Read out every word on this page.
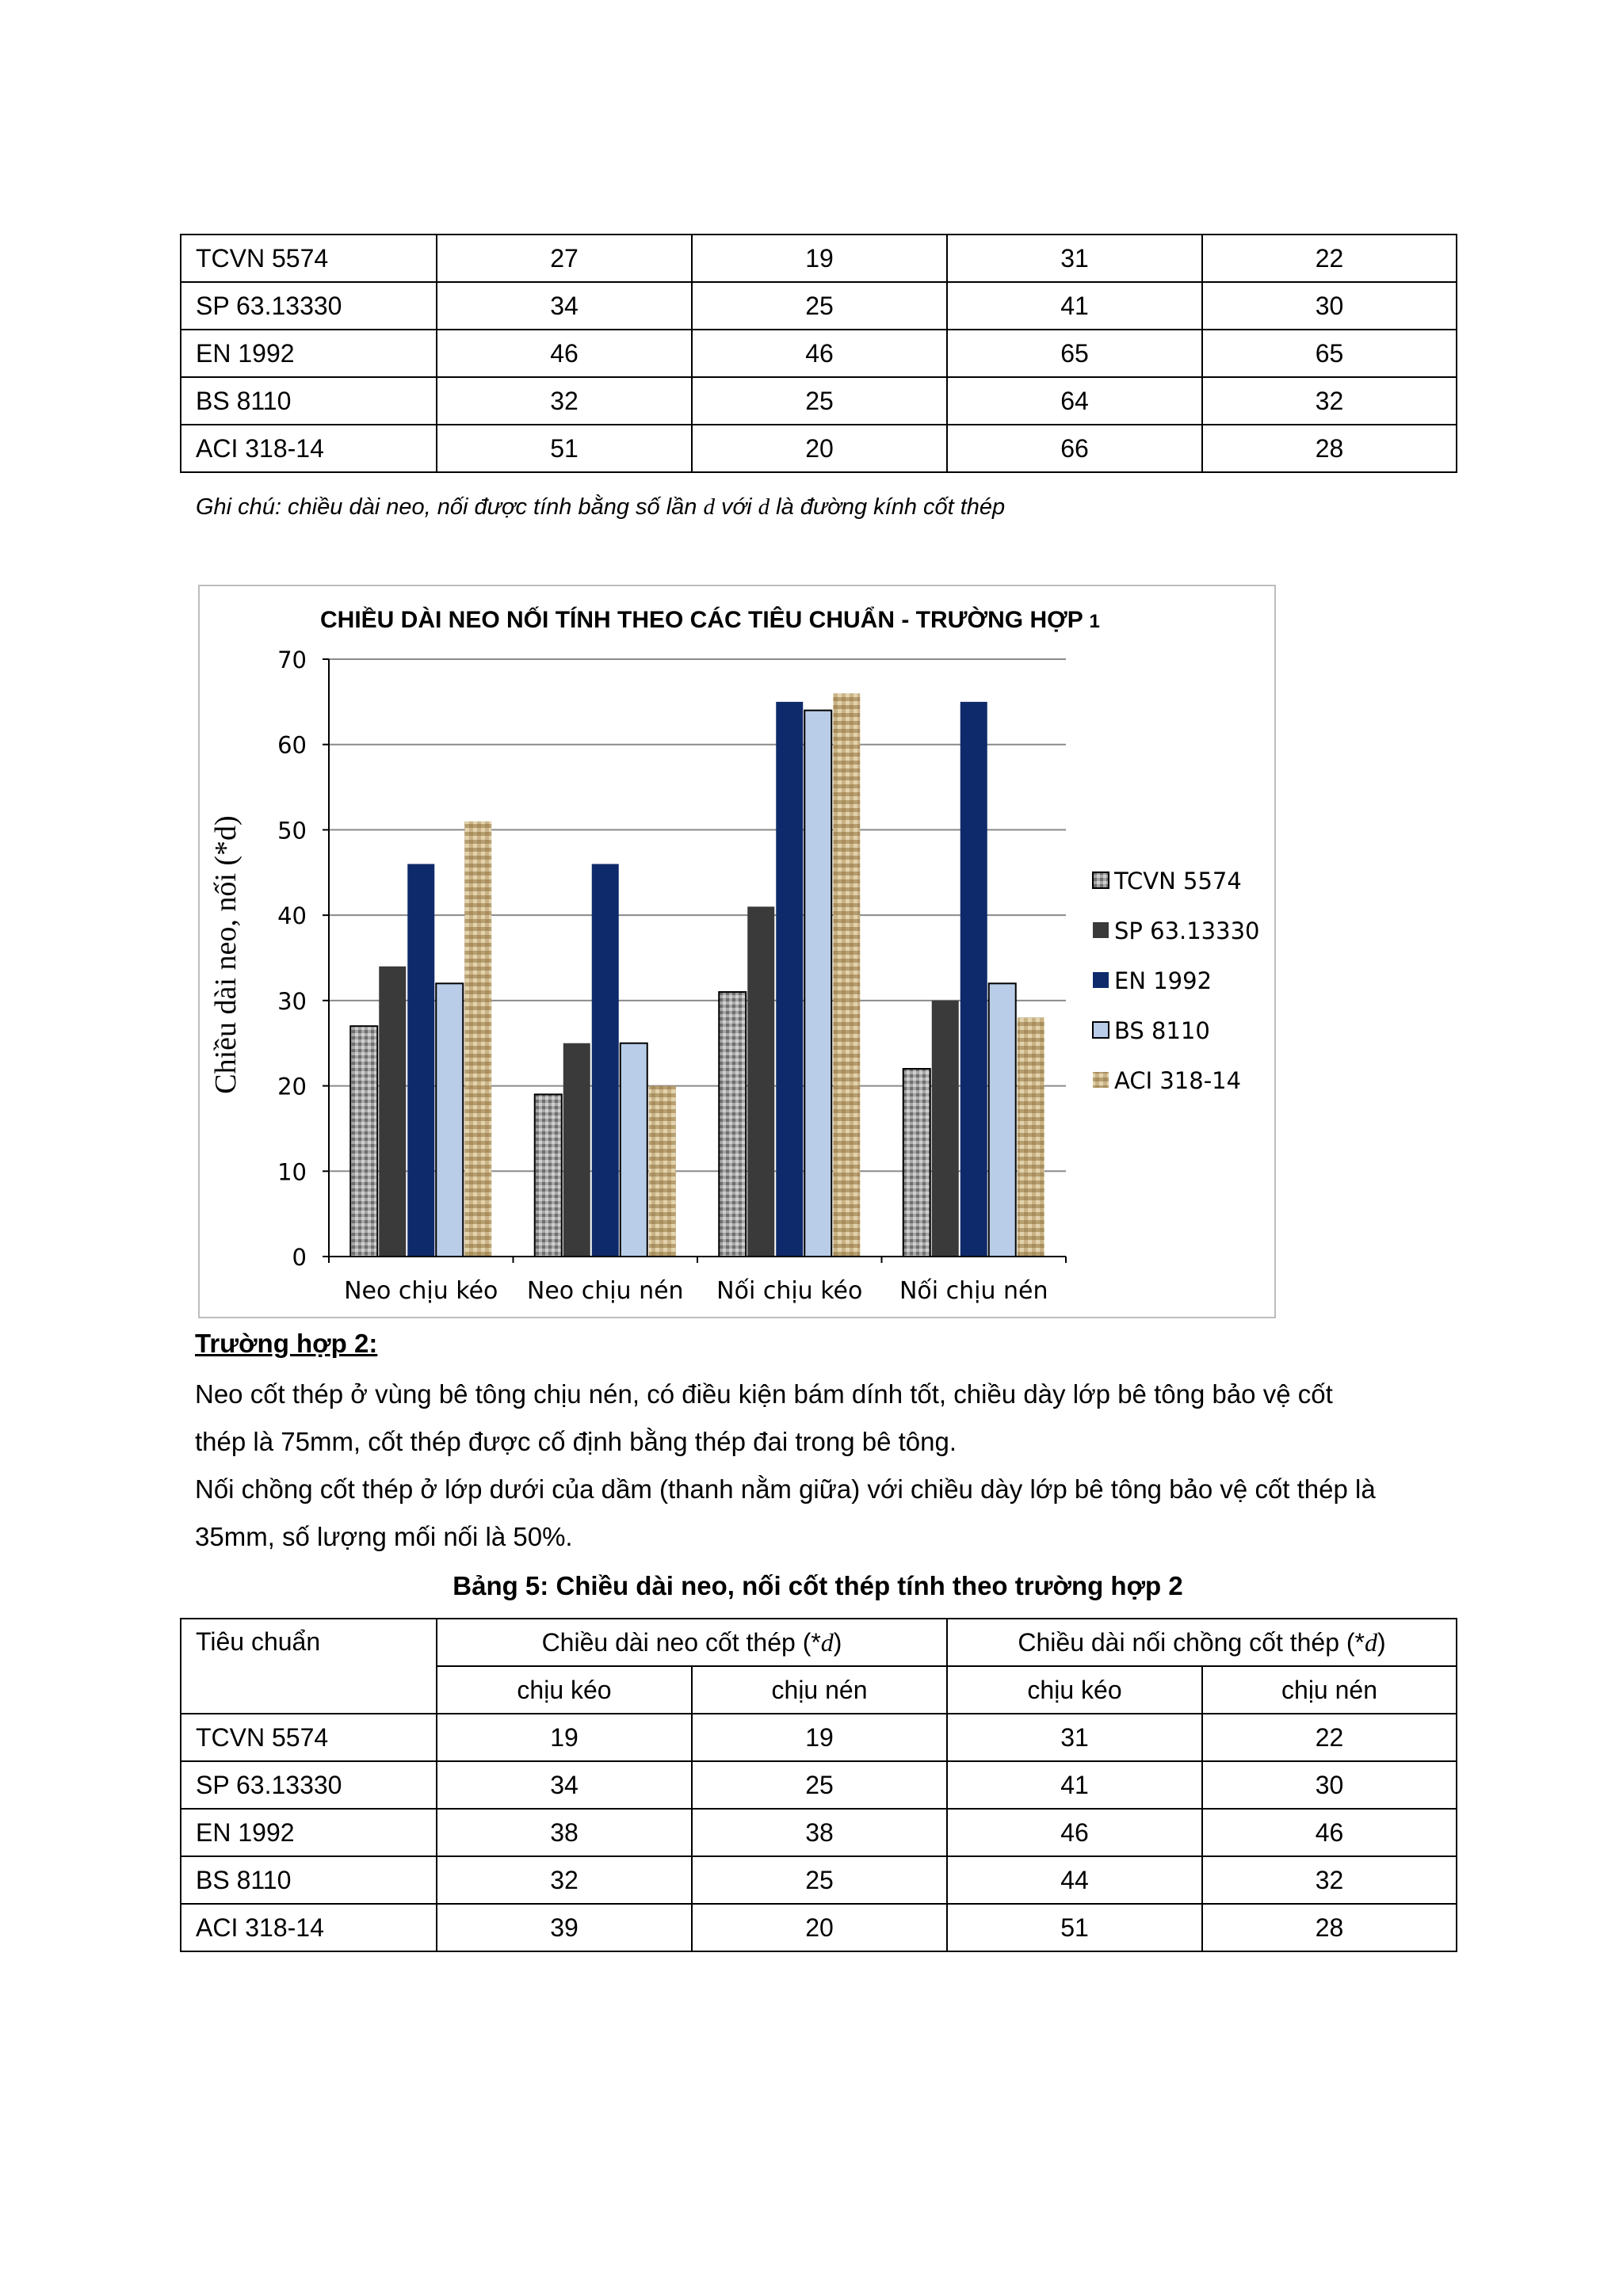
TCVN 5574	27	19	31	22
SP 63.13330	34	25	41	30
EN 1992	46	46	65	65
BS 8110	32	25	64	32
ACI 318-14	51	20	66	28
Ghi chú: chiều dài neo, nối được tính bằng số lần d với d là đường kính cốt thép
CHIỀU DÀI NEO NỐI TÍNH THEO CÁC TIÊU CHUẨN - TRƯỜNG HỢP 1
Chiều dài neo, nối (*d)
0
10
20
30
40
50
60
70
Neo chịu kéo Neo chịu nén Nối chịu kéo Nối chịu nén
TCVN 5574
SP 63.13330
EN 1992
BS 8110
ACI 318-14
Trường hợp 2:
Neo cốt thép ở vùng bê tông chịu nén, có điều kiện bám dính tốt, chiều dày lớp bê tông bảo vệ cốt
thép là 75mm, cốt thép được cố định bằng thép đai trong bê tông.
Nối chồng cốt thép ở lớp dưới của dầm (thanh nằm giữa) với chiều dày lớp bê tông bảo vệ cốt thép là
35mm, số lượng mối nối là 50%.
Bảng 5: Chiều dài neo, nối cốt thép tính theo trường hợp 2
Tiêu chuẩn	Chiều dài neo cốt thép (*d)		Chiều dài nối chồng cốt thép (*d)	
	chịu kéo	chịu nén	chịu kéo	chịu nén
TCVN 5574	19	19	31	22
SP 63.13330	34	25	41	30
EN 1992	38	38	46	46
BS 8110	32	25	44	32
ACI 318-14	39	20	51	28
